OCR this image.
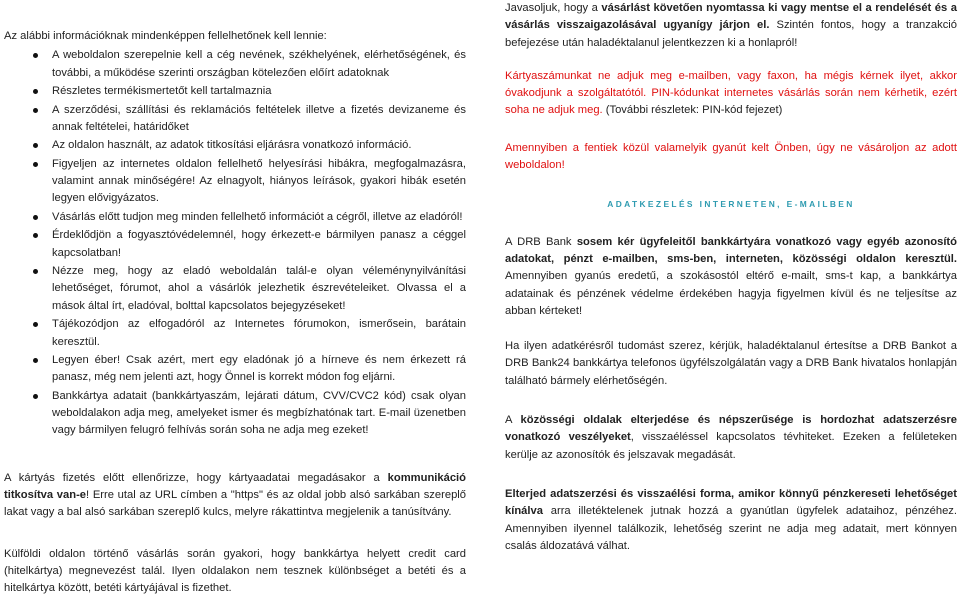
Az alábbi információknak mindenképpen fellelhetőnek kell lennie:

A weboldalon szerepelnie kell a cég nevének, székhelyének, elérhetőségének, és további, a működése szerinti országban kötelezően előírt adatoknak
Részletes termékismertetőt kell tartalmaznia
A szerződési, szállítási és reklamációs feltételek illetve a fizetés devizaneme és annak feltételei, határidőket
Az oldalon használt, az adatok titkosítási eljárásra vonatkozó információ.
Figyeljen az internetes oldalon fellelhető helyesírási hibákra, megfogalmazásra, valamint annak minőségére! Az elnagyolt, hiányos leírások, gyakori hibák esetén legyen elővigyázatos.
Vásárlás előtt tudjon meg minden fellelhető információt a cégről, illetve az eladóról!
Érdeklődjön a fogyasztóvédelemnél, hogy érkezett-e bármilyen panasz a céggel kapcsolatban!
Nézze meg, hogy az eladó weboldalán talál-e olyan véleménynyilvánítási lehetőséget, fórumot, ahol a vásárlók jelezhetik észrevételeiket. Olvassa el a mások által írt, eladóval, bolttal kapcsolatos bejegyzéseket!
Tájékozódjon az elfogadóról az Internetes fórumokon, ismerősein, barátain keresztül.
Legyen éber! Csak azért, mert egy eladónak jó a hírneve és nem érkezett rá panasz, még nem jelenti azt, hogy Önnel is korrekt módon fog eljárni.
Bankkártya adatait (bankkártyaszám, lejárati dátum, CVV/CVC2 kód) csak olyan weboldalakon adja meg, amelyeket ismer és megbízhatónak tart. E-mail üzenetben vagy bármilyen felugró felhívás során soha ne adja meg ezeket!

A kártyás fizetés előtt ellenőrizze, hogy kártyaadatai megadásakor a kommunikáció titkosítva van-e! Erre utal az URL címben a "https" és az oldal jobb alsó sarkában szereplő lakat vagy a bal alsó sarkában szereplő kulcs, melyre rákattintva megjelenik a tanúsítvány.

Külföldi oldalon történő vásárlás során gyakori, hogy bankkártya helyett credit card (hitelkártya) megnevezést talál. Ilyen oldalakon nem tesznek különbséget a betéti és a hitelkártya között, betéti kártyájával is fizethet.

Javasoljuk, hogy a vásárlást követően nyomtassa ki vagy mentse el a rendelését és a vásárlás visszaigazolásával ugyanígy járjon el. Szintén fontos, hogy a tranzakció befejezése után haladéktalanul jelentkezzen ki a honlapról!

Kártyaszámunkat ne adjuk meg e-mailben, vagy faxon, ha mégis kérnek ilyet, akkor óvakodjunk a szolgáltatótól. PIN-kódunkat internetes vásárlás során nem kérhetik, ezért soha ne adjuk meg. (További részletek: PIN-kód fejezet)

Amennyiben a fentiek közül valamelyik gyanút kelt Önben, úgy ne vásároljon az adott weboldalon!

ADATKEZELÉS INTERNETEN, E-MAILBEN

A DRB Bank sosem kér ügyfeleitől bankkártyára vonatkozó vagy egyéb azonosító adatokat, pénzt e-mailben, sms-ben, interneten, közösségi oldalon keresztül. Amennyiben gyanús eredetű, a szokásostól eltérő e-mailt, sms-t kap, a bankkártya adatainak és pénzének védelme érdekében hagyja figyelmen kívül és ne teljesítse az abban kérteket!

Ha ilyen adatkérésről tudomást szerez, kérjük, haladéktalanul értesítse a DRB Bankot a DRB Bank24 bankkártya telefonos ügyfélszolgálatán vagy a DRB Bank hivatalos honlapján található bármely elérhetőségén.

A közösségi oldalak elterjedése és népszerűsége is hordozhat adatszerzésre vonatkozó veszélyeket, visszaéléssel kapcsolatos tévhiteket. Ezeken a felületeken kerülje az azonosítók és jelszavak megadását.

Elterjed adatszerzési és visszaélési forma, amikor könnyű pénzkereseti lehetőséget kínálva arra illetéktelenek jutnak hozzá a gyanútlan ügyfelek adataihoz, pénzéhez. Amennyiben ilyennel találkozik, lehetőség szerint ne adja meg adatait, mert könnyen csalás áldozatává válhat.
